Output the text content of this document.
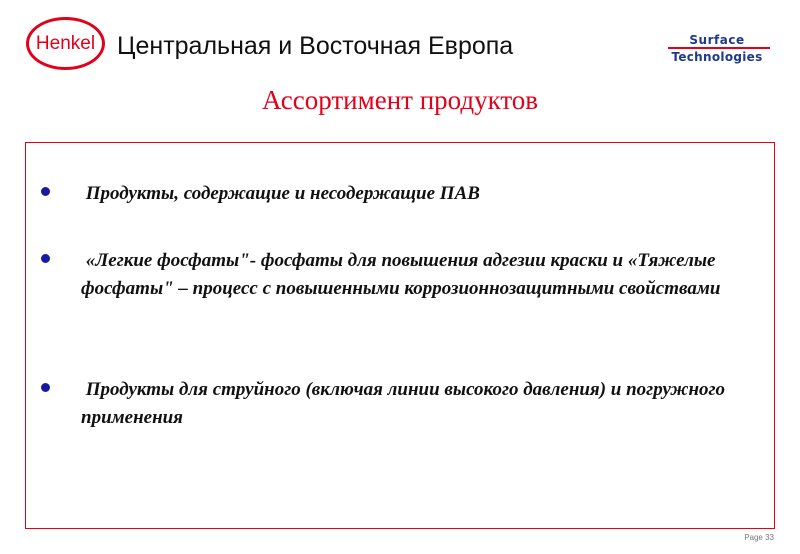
Henkel Центральная и Восточная Европа	Surface
Technologies
Ассортимент продуктов
Продукты, содержащие и несодержащие ПАВ
«Легкие фосфаты"- фосфаты для повышения адгезии краски и «Тяжелые фосфаты" – процесс с повышенными коррозионнозащитными свойствами
Продукты для струйного (включая линии высокого давления) и погружного применения
Page 33
